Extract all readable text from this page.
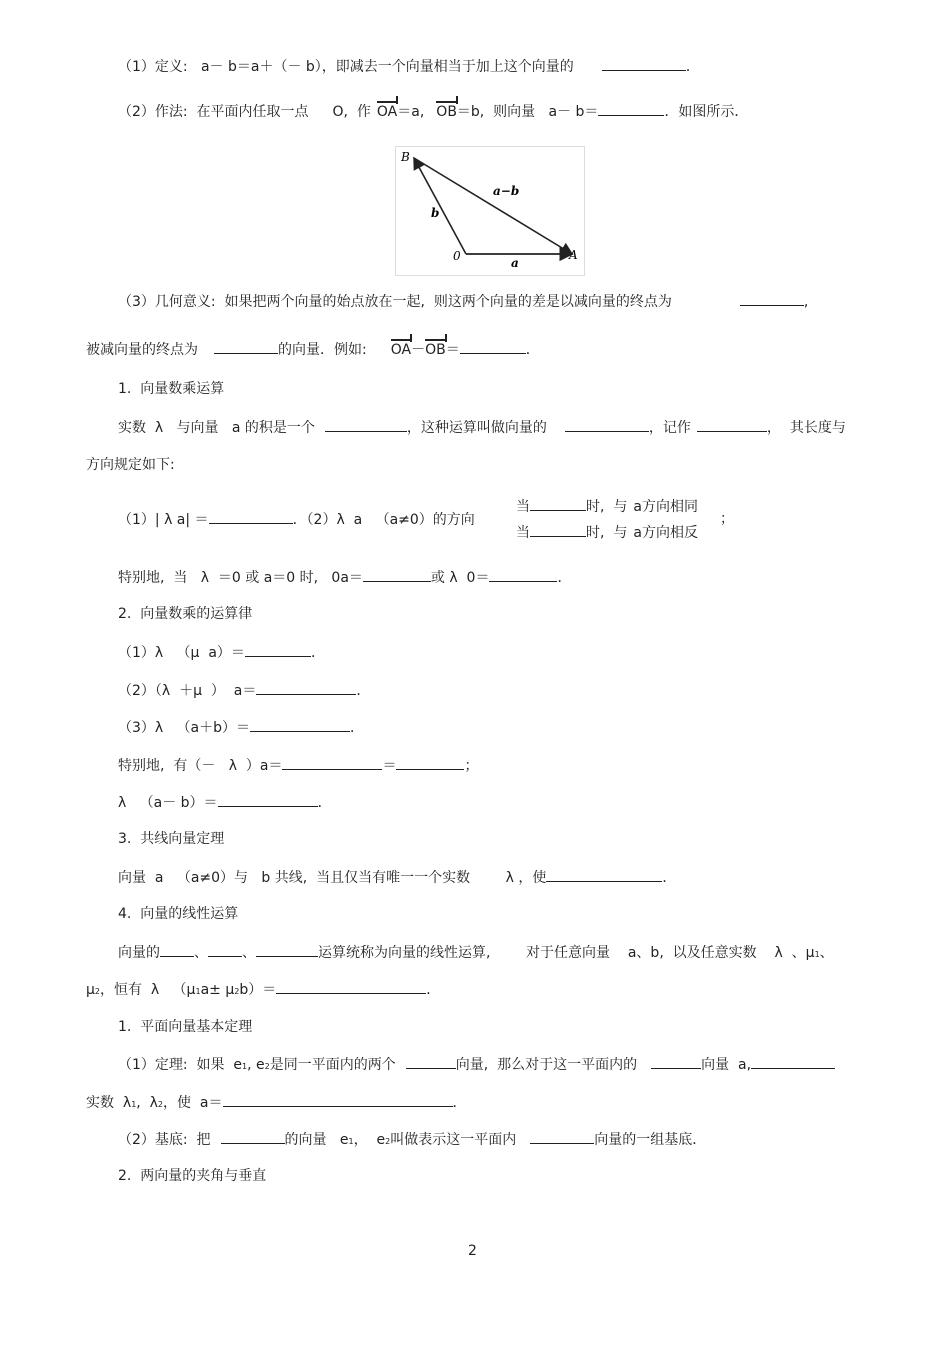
（1）定义:   a－ b＝a＋（－ b），即减去一个向量相当于加上这个向量的	．
（2）作法:  在平面内任取一点 O,  作 OA＝a, OB＝b,  则向量   a－ b＝	．如图所示．
B
0	A
b
a
a−b
（3）几何意义:  如果把两个向量的始点放在一起,  则这两个向量的差是以减向量的终点为	,
被减向量的终点为	的向量．例如: OA－OB＝	．
1.  向量数乘运算
实数  λ   与向量   a 的积是一个	，这种运算叫做向量的	，记作	，  其长度与
方向规定如下:
（1）| λ a| ＝	．（2）λ  a   （a≠0）的方向
当	时,  与 a方向相同
当	时,  与 a方向相反
；
特别地,  当   λ  ＝0 或 a＝0 时,   0a＝	或 λ  0＝	．
2.  向量数乘的运算律
（1）λ   （μ  a）＝	．
（2）（λ  ＋μ  ）  a＝	．
（3）λ   （a＋b）＝	．
特别地,  有（－   λ  ）a＝	＝	；
λ   （a－ b）＝	．
3.  共线向量定理
向量  a   （a≠0）与   b 共线,  当且仅当有唯一一个实数        λ ，使	．
4.  向量的线性运算
向量的 、 、	运算统称为向量的线性运算,        对于任意向量    a、b,  以及任意实数    λ  、μ1、
μ2，恒有  λ   （μ1a± μ2b）＝	．
1.  平面向量基本定理
（1）定理:  如果  e1, e2是同一平面内的两个	向量,  那么对于这一平面内的	向量  a,
实数  λ1,  λ2，使  a＝	．
（2）基底:  把	的向量   e1，  e2叫做表示这一平面内	向量的一组基底．
2.  两向量的夹角与垂直
2
